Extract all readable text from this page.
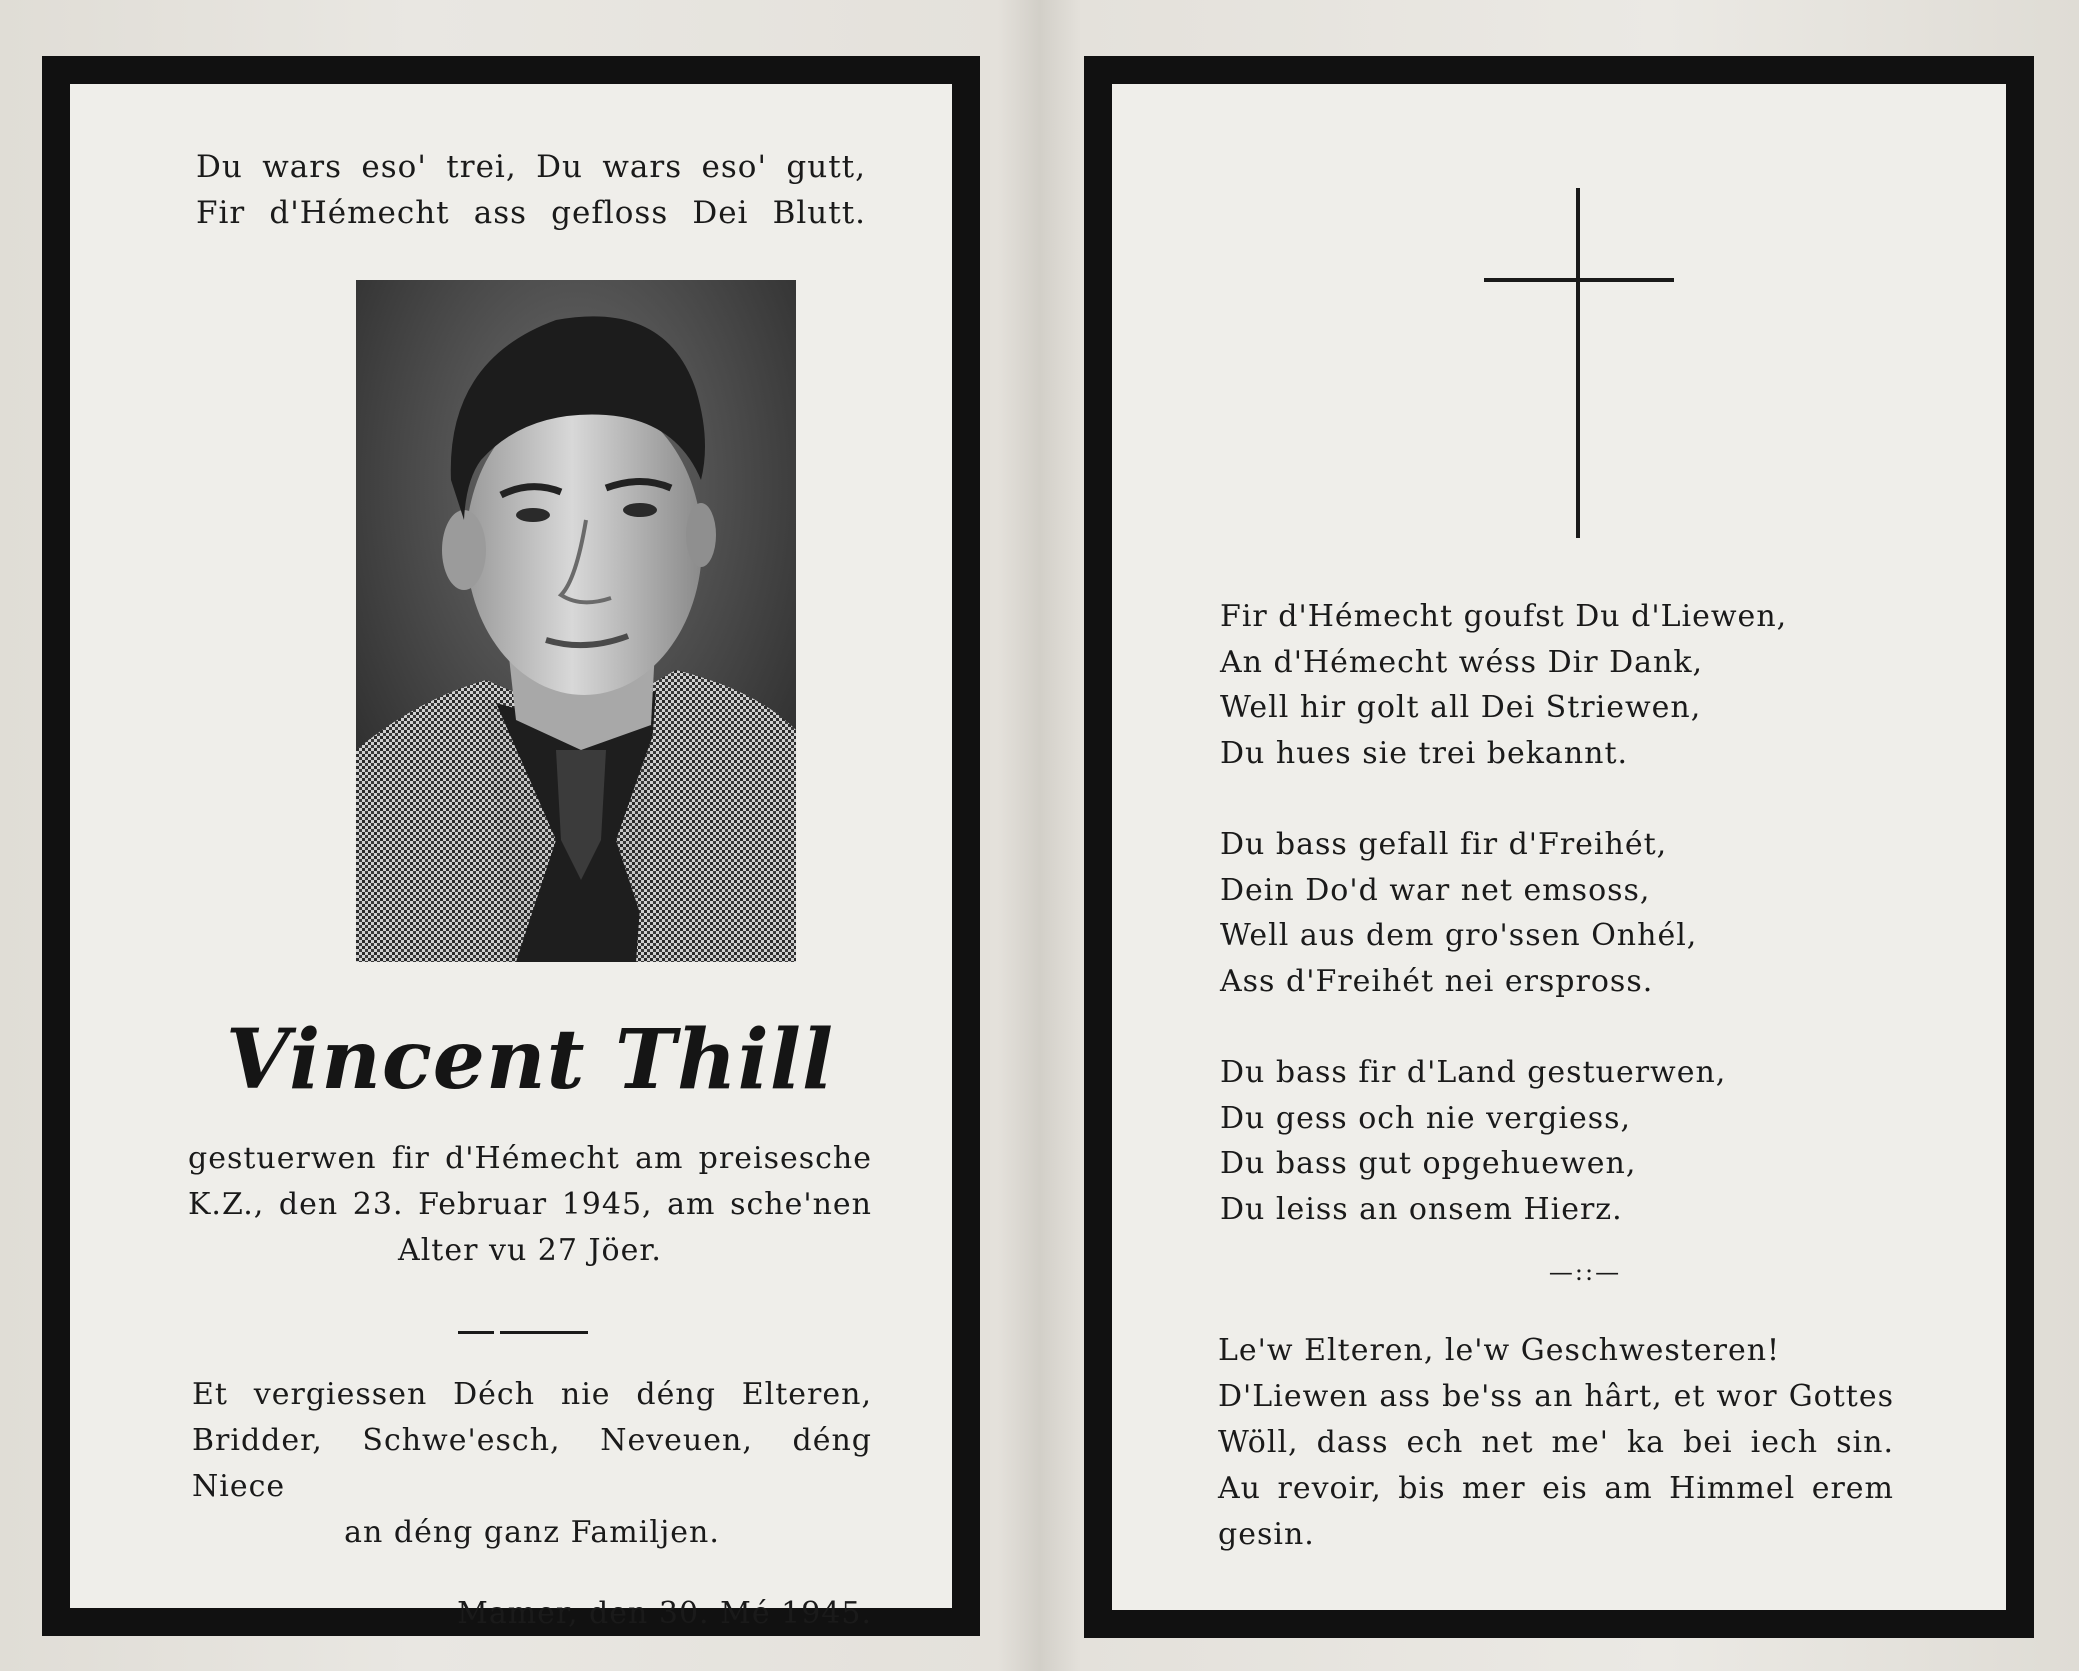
Du wars eso' trei, Du wars eso' gutt,
Fir d'Hémecht ass gefloss Dei Blutt.
Vincent Thill
gestuerwen fir d'Hémecht am preisesche
K.Z., den 23. Februar 1945, am sche'nen
Alter vu 27 Jöer.
Et vergiessen Déch nie déng Elteren,
Bridder, Schwe'esch, Neveuen, déng Niece
an déng ganz Familjen.
Mamer, den 30. Mé 1945.
Fir d'Hémecht goufst Du d'Liewen,
An d'Hémecht wéss Dir Dank,
Well hir golt all Dei Striewen,
Du hues sie trei bekannt.
Du bass gefall fir d'Freihét,
Dein Do'd war net emsoss,
Well aus dem gro'ssen Onhél,
Ass d'Freihét nei erspross.
Du bass fir d'Land gestuerwen,
Du gess och nie vergiess,
Du bass gut opgehuewen,
Du leiss an onsem Hierz.
—::—
Le'w Elteren, le'w Geschwesteren!
D'Liewen ass be'ss an hârt, et wor Gottes
Wöll, dass ech net me' ka bei iech sin.
Au revoir, bis mer eis am Himmel erem
gesin.
